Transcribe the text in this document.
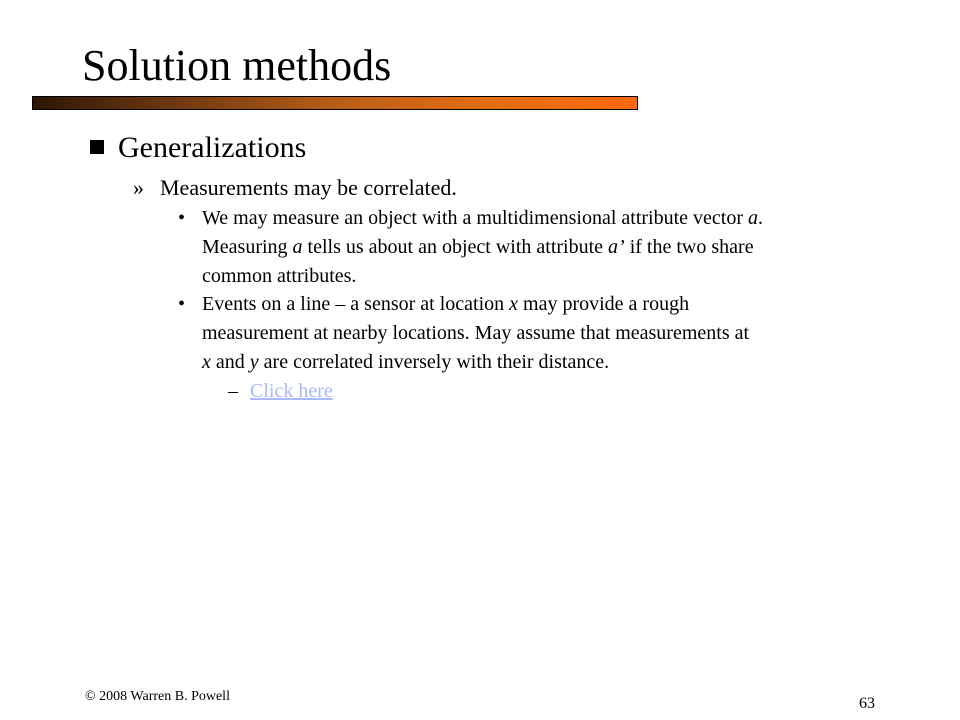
Solution methods
Generalizations
» Measurements may be correlated.
• We may measure an object with a multidimensional attribute vector a.
Measuring a tells us about an object with attribute a’ if the two share
common attributes.
• Events on a line – a sensor at location x may provide a rough
measurement at nearby locations. May assume that measurements at
x and y are correlated inversely with their distance.
– Click here
© 2008 Warren B. Powell	63
